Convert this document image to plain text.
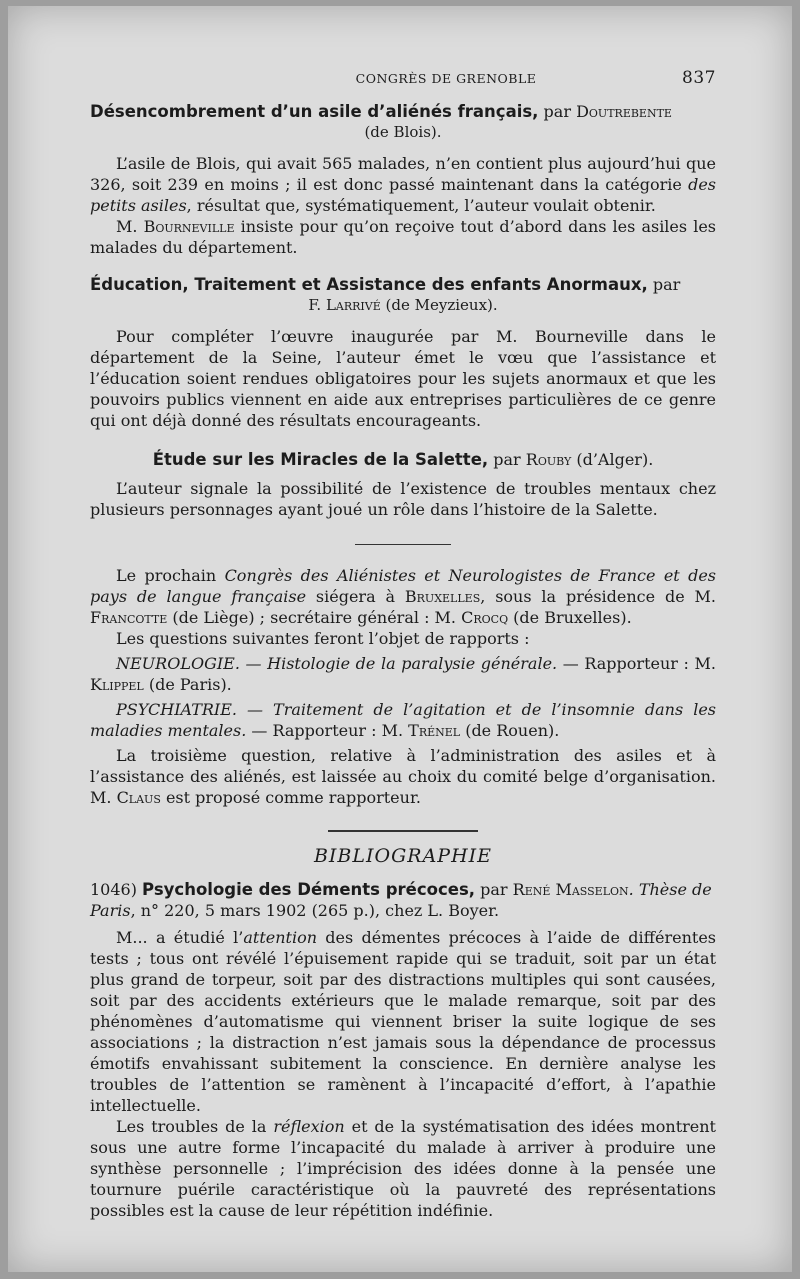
CONGRÈS DE GRENOBLE	837
Désencombrement d’un asile d’aliénés français, par Doutrebente
(de Blois).

L’asile de Blois, qui avait 565 malades, n’en contient plus aujourd’hui que 326, soit 239 en moins ; il est donc passé maintenant dans la catégorie des petits asiles, résultat que, systématiquement, l’auteur voulait obtenir.

M. Bourneville insiste pour qu’on reçoive tout d’abord dans les asiles les malades du département.

Éducation, Traitement et Assistance des enfants Anormaux, par
F. Larrivé (de Meyzieux).

Pour compléter l’œuvre inaugurée par M. Bourneville dans le département de la Seine, l’auteur émet le vœu que l’assistance et l’éducation soient rendues obligatoires pour les sujets anormaux et que les pouvoirs publics viennent en aide aux entreprises particulières de ce genre qui ont déjà donné des résultats encourageants.

Étude sur les Miracles de la Salette, par Rouby (d’Alger).

L’auteur signale la possibilité de l’existence de troubles mentaux chez plusieurs personnages ayant joué un rôle dans l’histoire de la Salette.

Le prochain Congrès des Aliénistes et Neurologistes de France et des pays de langue française siégera à Bruxelles, sous la présidence de M. Francotte (de Liège) ; secrétaire général : M. Crocq (de Bruxelles).

Les questions suivantes feront l’objet de rapports :

NEUROLOGIE. — Histologie de la paralysie générale. — Rapporteur : M. Klippel (de Paris).

PSYCHIATRIE. — Traitement de l’agitation et de l’insomnie dans les maladies mentales. — Rapporteur : M. Trénel (de Rouen).

La troisième question, relative à l’administration des asiles et à l’assistance des aliénés, est laissée au choix du comité belge d’organisation. M. Claus est proposé comme rapporteur.

BIBLIOGRAPHIE
1046) Psychologie des Déments précoces, par René Masselon. Thèse de Paris, n° 220, 5 mars 1902 (265 p.), chez L. Boyer.

M... a étudié l’attention des démentes précoces à l’aide de différentes tests ; tous ont révélé l’épuisement rapide qui se traduit, soit par un état plus grand de torpeur, soit par des distractions multiples qui sont causées, soit par des accidents extérieurs que le malade remarque, soit par des phénomènes d’automatisme qui viennent briser la suite logique de ses associations ; la distraction n’est jamais sous la dépendance de processus émotifs envahissant subitement la conscience. En dernière analyse les troubles de l’attention se ramènent à l’incapacité d’effort, à l’apathie intellectuelle.

Les troubles de la réflexion et de la systématisation des idées montrent sous une autre forme l’incapacité du malade à arriver à produire une synthèse personnelle ; l’imprécision des idées donne à la pensée une tournure puérile caractéristique où la pauvreté des représentations possibles est la cause de leur répétition indéfinie.
